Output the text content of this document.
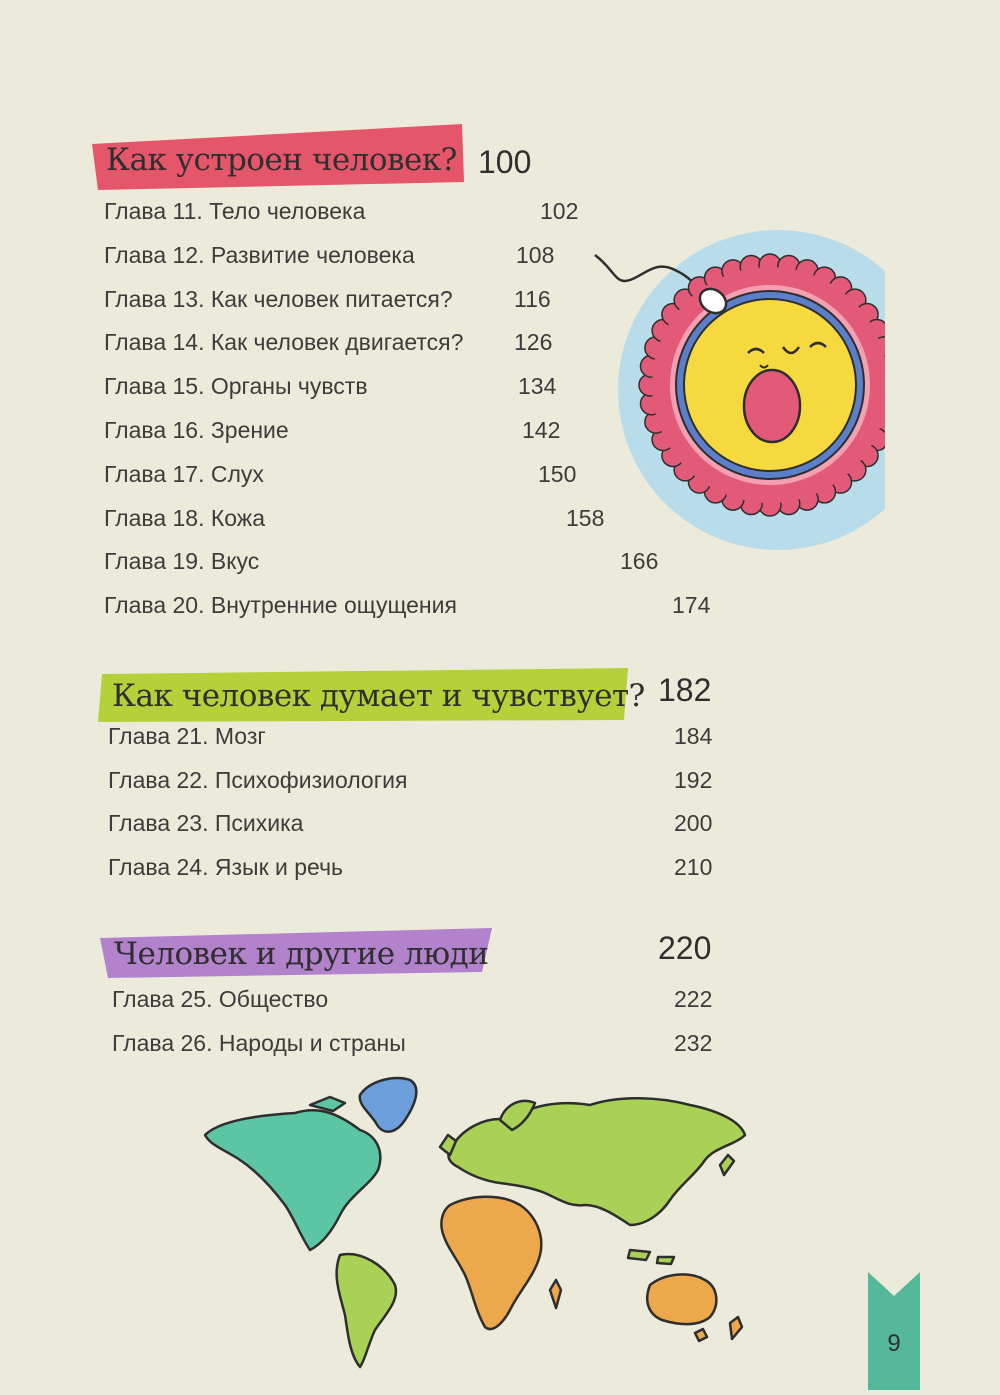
Как устроен человек? 100
Глава 11. Тело человека	102
Глава 12. Развитие человека	108
Глава 13. Как человек питается?	116
Глава 14. Как человек двигается? 126
Глава 15. Органы чувств	134
Глава 16. Зрение	142
Глава 17. Слух	150
Глава 18. Кожа	158
Глава 19. Вкус	166
Глава 20. Внутренние ощущения	174
Как человек думает и чувствует? 182
Глава 21. Мозг	184
Глава 22. Психофизиология	192
Глава 23. Психика	200
Глава 24. Язык и речь	210
Человек и другие люди	220
Глава 25. Общество	222
Глава 26. Народы и страны	232
9
